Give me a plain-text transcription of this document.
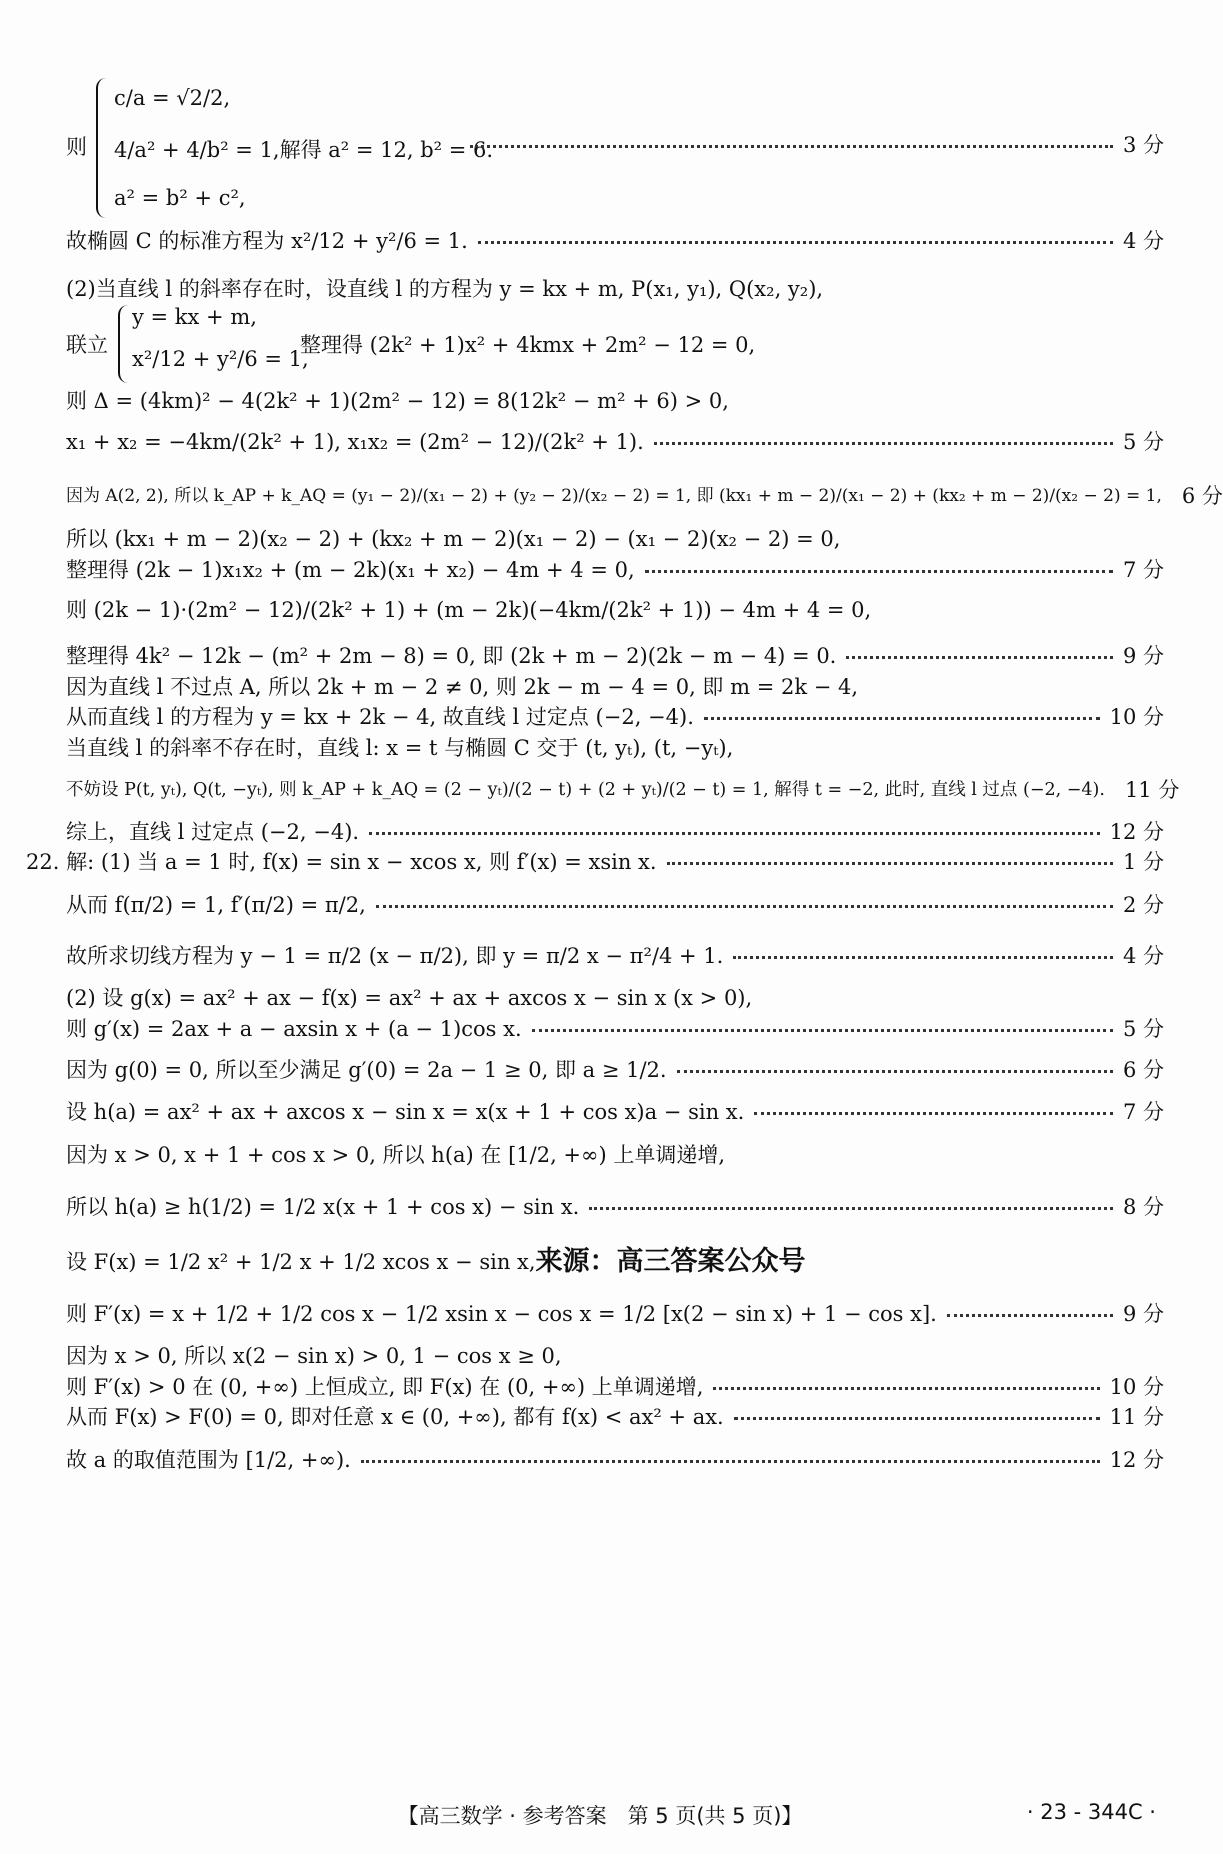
则
c/a = √2/2,
4/a² + 4/b² = 1,解得 a² = 12, b² = 6.
a² = b² + c²,
3 分
故椭圆 C 的标准方程为 x²/12 + y²/6 = 1.	4 分
(2)当直线 l 的斜率存在时，设直线 l 的方程为 y = kx + m, P(x₁, y₁), Q(x₂, y₂),
联立
y = kx + m,
x²/12 + y²/6 = 1,
整理得 (2k² + 1)x² + 4kmx + 2m² − 12 = 0,
则 Δ = (4km)² − 4(2k² + 1)(2m² − 12) = 8(12k² − m² + 6) > 0,
x₁ + x₂ = −4km/(2k² + 1), x₁x₂ = (2m² − 12)/(2k² + 1).	5 分
因为 A(2, 2), 所以 k_AP + k_AQ = (y₁ − 2)/(x₁ − 2) + (y₂ − 2)/(x₂ − 2) = 1, 即 (kx₁ + m − 2)/(x₁ − 2) + (kx₂ + m − 2)/(x₂ − 2) = 1, 6 分
所以 (kx₁ + m − 2)(x₂ − 2) + (kx₂ + m − 2)(x₁ − 2) − (x₁ − 2)(x₂ − 2) = 0,
整理得 (2k − 1)x₁x₂ + (m − 2k)(x₁ + x₂) − 4m + 4 = 0,	7 分
则 (2k − 1)·(2m² − 12)/(2k² + 1) + (m − 2k)(−4km/(2k² + 1)) − 4m + 4 = 0,
整理得 4k² − 12k − (m² + 2m − 8) = 0, 即 (2k + m − 2)(2k − m − 4) = 0.	9 分
因为直线 l 不过点 A, 所以 2k + m − 2 ≠ 0, 则 2k − m − 4 = 0, 即 m = 2k − 4,
从而直线 l 的方程为 y = kx + 2k − 4, 故直线 l 过定点 (−2, −4).	10 分
当直线 l 的斜率不存在时，直线 l: x = t 与椭圆 C 交于 (t, yₜ), (t, −yₜ),
不妨设 P(t, yₜ), Q(t, −yₜ), 则 k_AP + k_AQ = (2 − yₜ)/(2 − t) + (2 + yₜ)/(2 − t) = 1, 解得 t = −2, 此时, 直线 l 过点 (−2, −4). 11 分
综上，直线 l 过定点 (−2, −4).	12 分
22. 解: (1) 当 a = 1 时, f(x) = sin x − xcos x, 则 f′(x) = xsin x.	1 分
从而 f(π/2) = 1, f′(π/2) = π/2,	2 分
故所求切线方程为 y − 1 = π/2 (x − π/2), 即 y = π/2 x − π²/4 + 1.	4 分
(2) 设 g(x) = ax² + ax − f(x) = ax² + ax + axcos x − sin x (x > 0),
则 g′(x) = 2ax + a − axsin x + (a − 1)cos x.	5 分
因为 g(0) = 0, 所以至少满足 g′(0) = 2a − 1 ≥ 0, 即 a ≥ 1/2.	6 分
设 h(a) = ax² + ax + axcos x − sin x = x(x + 1 + cos x)a − sin x.	7 分
因为 x > 0, x + 1 + cos x > 0, 所以 h(a) 在 [1/2, +∞) 上单调递增,
所以 h(a) ≥ h(1/2) = 1/2 x(x + 1 + cos x) − sin x.	8 分
设 F(x) = 1/2 x² + 1/2 x + 1/2 xcos x − sin x, 来源：高三答案公众号
则 F′(x) = x + 1/2 + 1/2 cos x − 1/2 xsin x − cos x = 1/2 [x(2 − sin x) + 1 − cos x].	9 分
因为 x > 0, 所以 x(2 − sin x) > 0, 1 − cos x ≥ 0,
则 F′(x) > 0 在 (0, +∞) 上恒成立, 即 F(x) 在 (0, +∞) 上单调递增,	10 分
从而 F(x) > F(0) = 0, 即对任意 x ∈ (0, +∞), 都有 f(x) < ax² + ax.	11 分
故 a 的取值范围为 [1/2, +∞).	12 分
【高三数学 · 参考答案　第 5 页(共 5 页)】	· 23 - 344C ·
